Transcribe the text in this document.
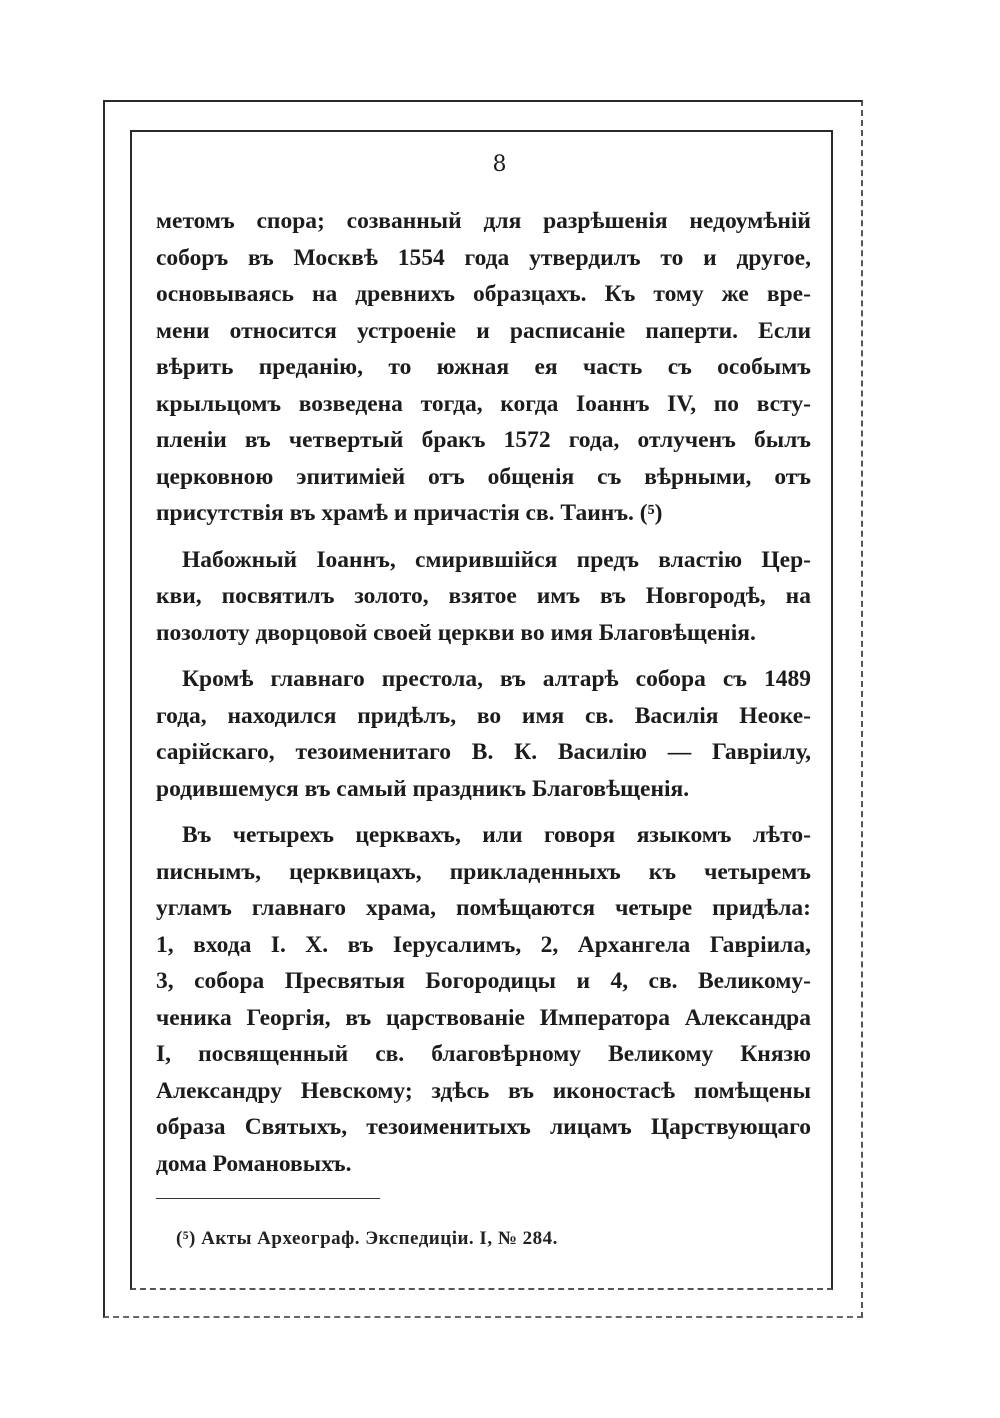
8
метомъ спора; созванный для разрѣшенія недоумѣній
соборъ въ Москвѣ 1554 года утвердилъ то и другое,
основываясь на древнихъ образцахъ. Къ тому же вре-
мени относится устроеніе и расписаніе паперти. Если
вѣрить преданію, то южная ея часть съ особымъ
крыльцомъ возведена тогда, когда Іоаннъ IV, по всту-
пленіи въ четвертый бракъ 1572 года, отлученъ былъ
церковною эпитиміей отъ общенія съ вѣрными, отъ
присутствія въ храмѣ и причастія св. Таинъ. (⁵)
Набожный Іоаннъ, смирившійся предъ властію Цер-
кви, посвятилъ золото, взятое имъ въ Новгородѣ, на
позолоту дворцовой своей церкви во имя Благовѣщенія.
Кромѣ главнаго престола, въ алтарѣ собора съ 1489
года, находился придѣлъ, во имя св. Василія Неоке-
сарійскаго, тезоименитаго В. К. Василію — Гавріилу,
родившемуся въ самый праздникъ Благовѣщенія.
Въ четырехъ церквахъ, или говоря языкомъ лѣто-
писнымъ, церквицахъ, прикладенныхъ къ четыремъ
угламъ главнаго храма, помѣщаются четыре придѣла:
1, входа І. Х. въ Іерусалимъ, 2, Архангела Гавріила,
3, собора Пресвятыя Богородицы и 4, св. Великому-
ченика Георгія, въ царствованіе Императора Александра
I, посвященный св. благовѣрному Великому Князю
Александру Невскому; здѣсь въ иконостасѣ помѣщены
образа Святыхъ, тезоименитыхъ лицамъ Царствующаго
дома Романовыхъ.
(⁵) Акты Археограф. Экспедиціи. I, № 284.
